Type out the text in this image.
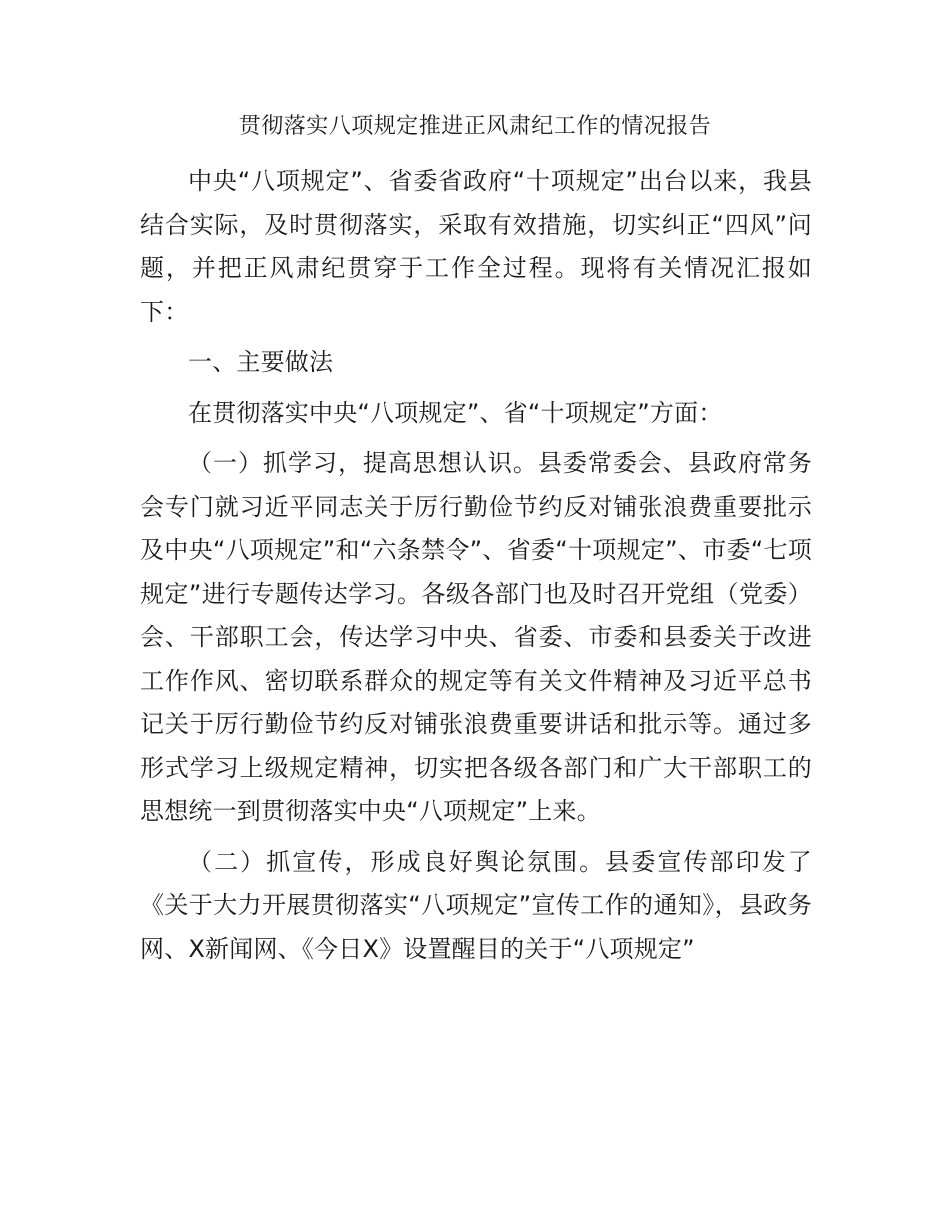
贯彻落实八项规定推进正风肃纪工作的情况报告

中央“八项规定”、省委省政府“十项规定”出台以来，我县结合实际，及时贯彻落实，采取有效措施，切实纠正“四风”问题，并把正风肃纪贯穿于工作全过程。现将有关情况汇报如下：

一、主要做法

在贯彻落实中央“八项规定”、省“十项规定”方面：

（一）抓学习，提高思想认识。县委常委会、县政府常务会专门就习近平同志关于厉行勤俭节约反对铺张浪费重要批示及中央“八项规定”和“六条禁令”、省委“十项规定”、市委“七项规定”进行专题传达学习。各级各部门也及时召开党组（党委）会、干部职工会，传达学习中央、省委、市委和县委关于改进工作作风、密切联系群众的规定等有关文件精神及习近平总书记关于厉行勤俭节约反对铺张浪费重要讲话和批示等。通过多形式学习上级规定精神，切实把各级各部门和广大干部职工的思想统一到贯彻落实中央“八项规定”上来。

（二）抓宣传，形成良好舆论氛围。县委宣传部印发了《关于大力开展贯彻落实“八项规定”宣传工作的通知》，县政务网、X新闻网、《今日X》设置醒目的关于“八项规定”
